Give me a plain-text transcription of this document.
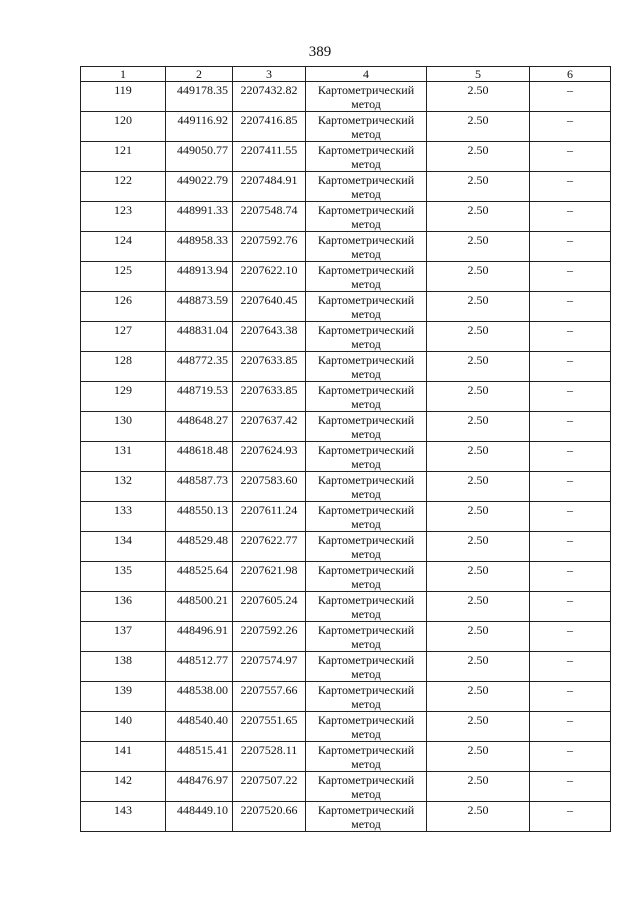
389
1	2	3	4	5	6
119	449178.35	2207432.82	Картометрический метод	2.50	–
120	449116.92	2207416.85	Картометрический метод	2.50	–
121	449050.77	2207411.55	Картометрический метод	2.50	–
122	449022.79	2207484.91	Картометрический метод	2.50	–
123	448991.33	2207548.74	Картометрический метод	2.50	–
124	448958.33	2207592.76	Картометрический метод	2.50	–
125	448913.94	2207622.10	Картометрический метод	2.50	–
126	448873.59	2207640.45	Картометрический метод	2.50	–
127	448831.04	2207643.38	Картометрический метод	2.50	–
128	448772.35	2207633.85	Картометрический метод	2.50	–
129	448719.53	2207633.85	Картометрический метод	2.50	–
130	448648.27	2207637.42	Картометрический метод	2.50	–
131	448618.48	2207624.93	Картометрический метод	2.50	–
132	448587.73	2207583.60	Картометрический метод	2.50	–
133	448550.13	2207611.24	Картометрический метод	2.50	–
134	448529.48	2207622.77	Картометрический метод	2.50	–
135	448525.64	2207621.98	Картометрический метод	2.50	–
136	448500.21	2207605.24	Картометрический метод	2.50	–
137	448496.91	2207592.26	Картометрический метод	2.50	–
138	448512.77	2207574.97	Картометрический метод	2.50	–
139	448538.00	2207557.66	Картометрический метод	2.50	–
140	448540.40	2207551.65	Картометрический метод	2.50	–
141	448515.41	2207528.11	Картометрический метод	2.50	–
142	448476.97	2207507.22	Картометрический метод	2.50	–
143	448449.10	2207520.66	Картометрический метод	2.50	–
